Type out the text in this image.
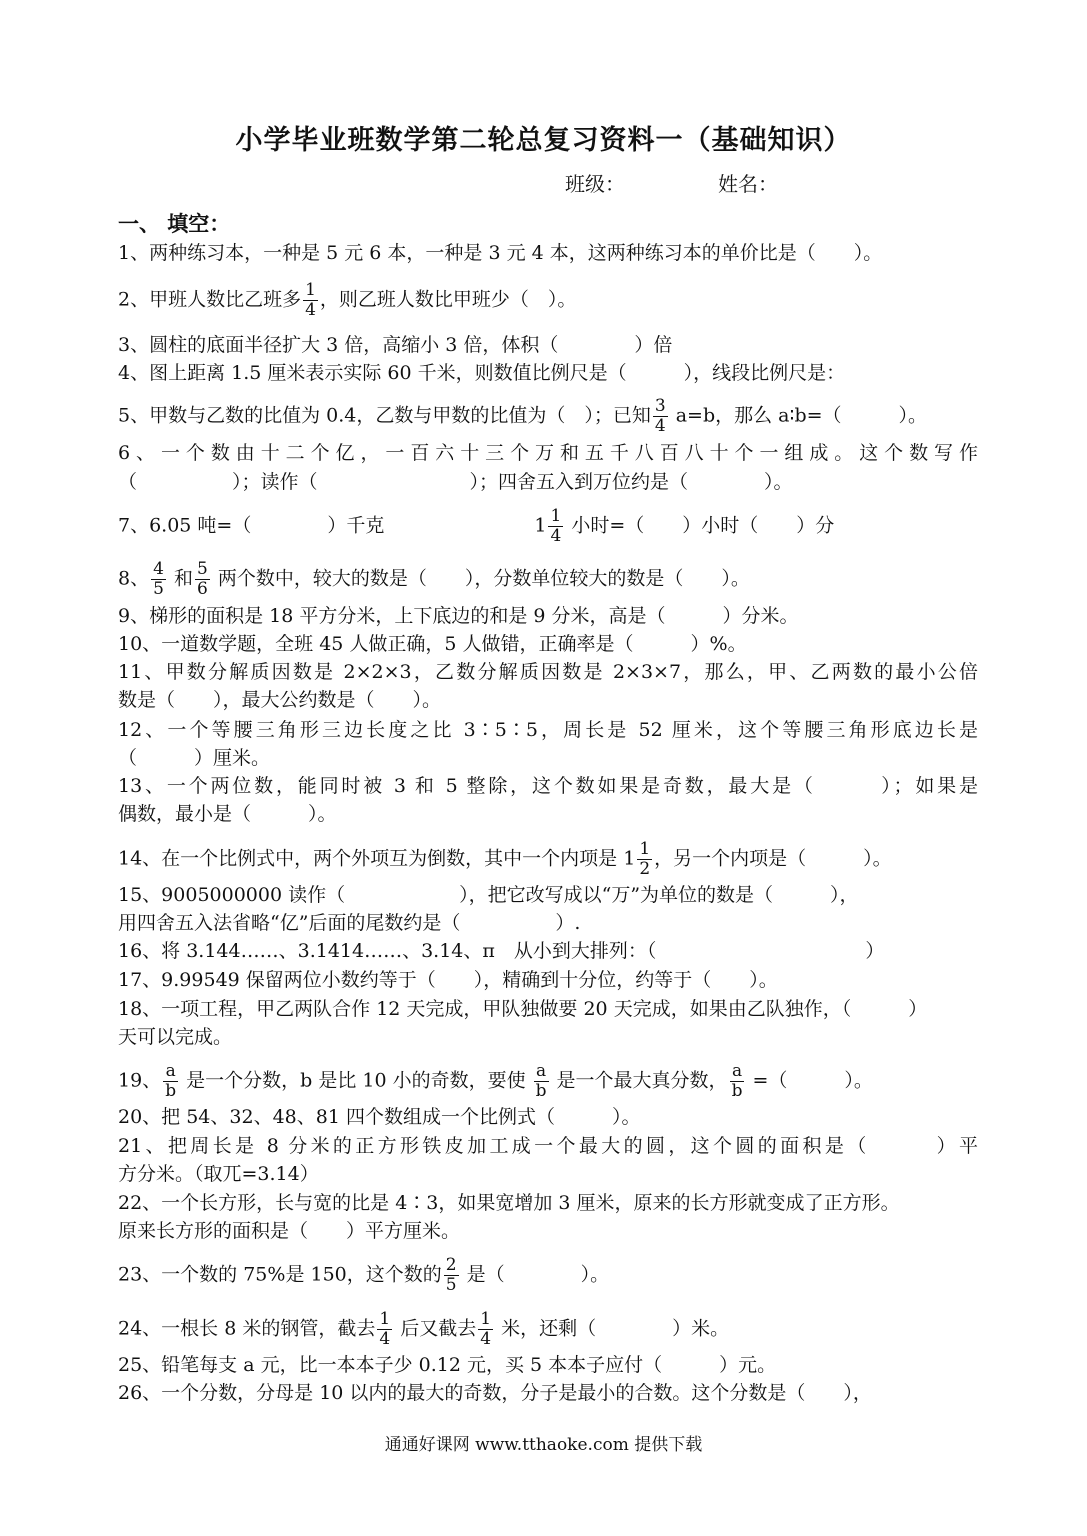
小学毕业班数学第二轮总复习资料一（基础知识）
班级：	姓名：
一、 填空：
1、两种练习本，一种是 5 元 6 本，一种是 3 元 4 本，这两种练习本的单价比是（　　）。
2、甲班人数比乙班多 $\frac{1}{4}$ ，则乙班人数比甲班少（　）。
3、圆柱的底面半径扩大 3 倍，高缩小 3 倍，体积（　　　　）倍
4、图上距离 1.5 厘米表示实际 60 千米，则数值比例尺是（　　　），线段比例尺是：
5、甲数与乙数的比值为 0.4，乙数与甲数的比值为（　）；已知 $\frac{3}{4} a=b$，那么 a∶b=（　　　）。
6、一个数由十二个亿，一百六十三个万和五千八百八十个一组成。这个数写作
（　　　　　）；读作（　　　　　　　　）；四舍五入到万位约是（　　　　）。
7、6.05 吨=（　　　　）千克	$1 \frac{1}{4}$ 小时=（　　）小时（　　）分
8、 $\frac{4}{5}$ 和 $\frac{5}{6}$ 两个数中，较大的数是（　　），分数单位较大的数是（　　）。
9、梯形的面积是 18 平方分米，上下底边的和是 9 分米，高是（　　　）分米。
10、一道数学题，全班 45 人做正确，5 人做错，正确率是（　　　）%。
11、甲数分解质因数是 2×2×3，乙数分解质因数是 2×3×7，那么，甲、乙两数的最小公倍
数是（　　），最大公约数是（　　）。
12、一个等腰三角形三边长度之比 3∶5∶5，周长是 52 厘米，这个等腰三角形底边长是
（　　　）厘米。
13、一个两位数，能同时被 3 和 5 整除，这个数如果是奇数，最大是（　　　）；如果是
偶数，最小是（　　　）。
14、在一个比例式中，两个外项互为倒数，其中一个内项是 $1 \frac{1}{2}$ ，另一个内项是（　　　）。
15、9005000000 读作（　　　　　　），把它改写成以“万”为单位的数是（　　　），
用四舍五入法省略“亿”后面的尾数约是（　　　　　）.
16、将 3.144……、3.1414……、3.14、π　从小到大排列：（　　　　　　　　　　　）
17、9.99549 保留两位小数约等于（　　），精确到十分位，约等于（　　）。
18、一项工程，甲乙两队合作 12 天完成，甲队独做要 20 天完成，如果由乙队独作，（　　　）
天可以完成。
19、 $\frac{a}{b}$ 是一个分数，b 是比 10 小的奇数，要使 $\frac{a}{b}$ 是一个最大真分数， $\frac{a}{b}$ =（　　　）。
20、把 54、32、48、81 四个数组成一个比例式（　　　）。
21、把周长是 8 分米的正方形铁皮加工成一个最大的圆，这个圆的面积是（　　　）平
方分米。（取兀=3.14）
22、一个长方形，长与宽的比是 4∶3，如果宽增加 3 厘米，原来的长方形就变成了正方形。
原来长方形的面积是（　　）平方厘米。
23、一个数的 75%是 150，这个数的 $\frac{2}{5}$ 是（　　　　）。
24、一根长 8 米的钢管，截去 $\frac{1}{4}$ 后又截去 $\frac{1}{4}$ 米，还剩（　　　　）米。
25、铅笔每支 a 元，比一本本子少 0.12 元，买 5 本本子应付（　　　）元。
26、一个分数，分母是 10 以内的最大的奇数，分子是最小的合数。这个分数是（　　），
通通好课网 www.tthaoke.com 提供下载
